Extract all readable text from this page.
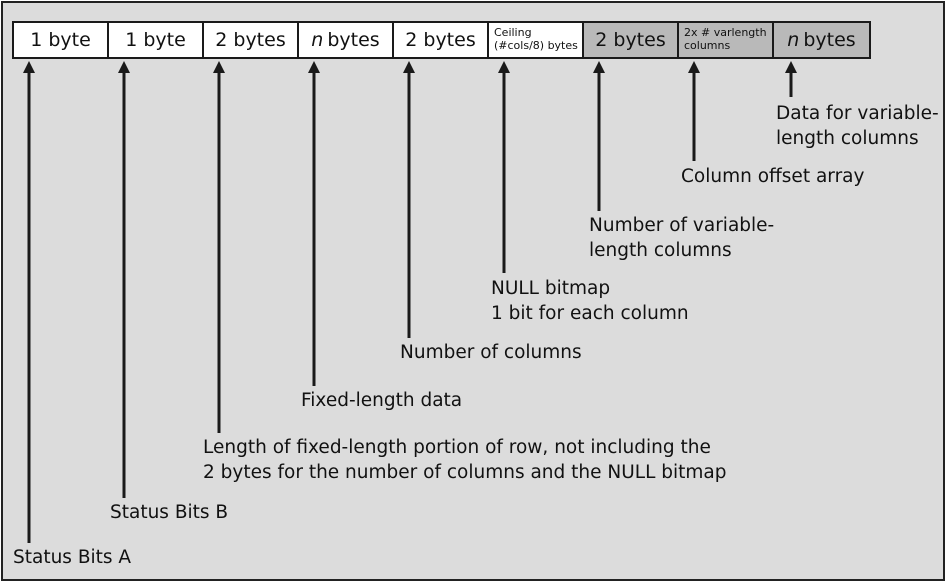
1 byte 1 byte 2 bytes n bytes 2 bytes Ceiling
(#cols/8) bytes 2 bytes 2x # varlength
columns	n bytes
Status Bits A
Status Bits B
Length of fixed-length portion of row, not including the
2 bytes for the number of columns and the NULL bitmap
Fixed-length data
Number of columns
NULL bitmap
1 bit for each column
Number of variable-
length columns
Column offset array
Data for variable-
length columns
